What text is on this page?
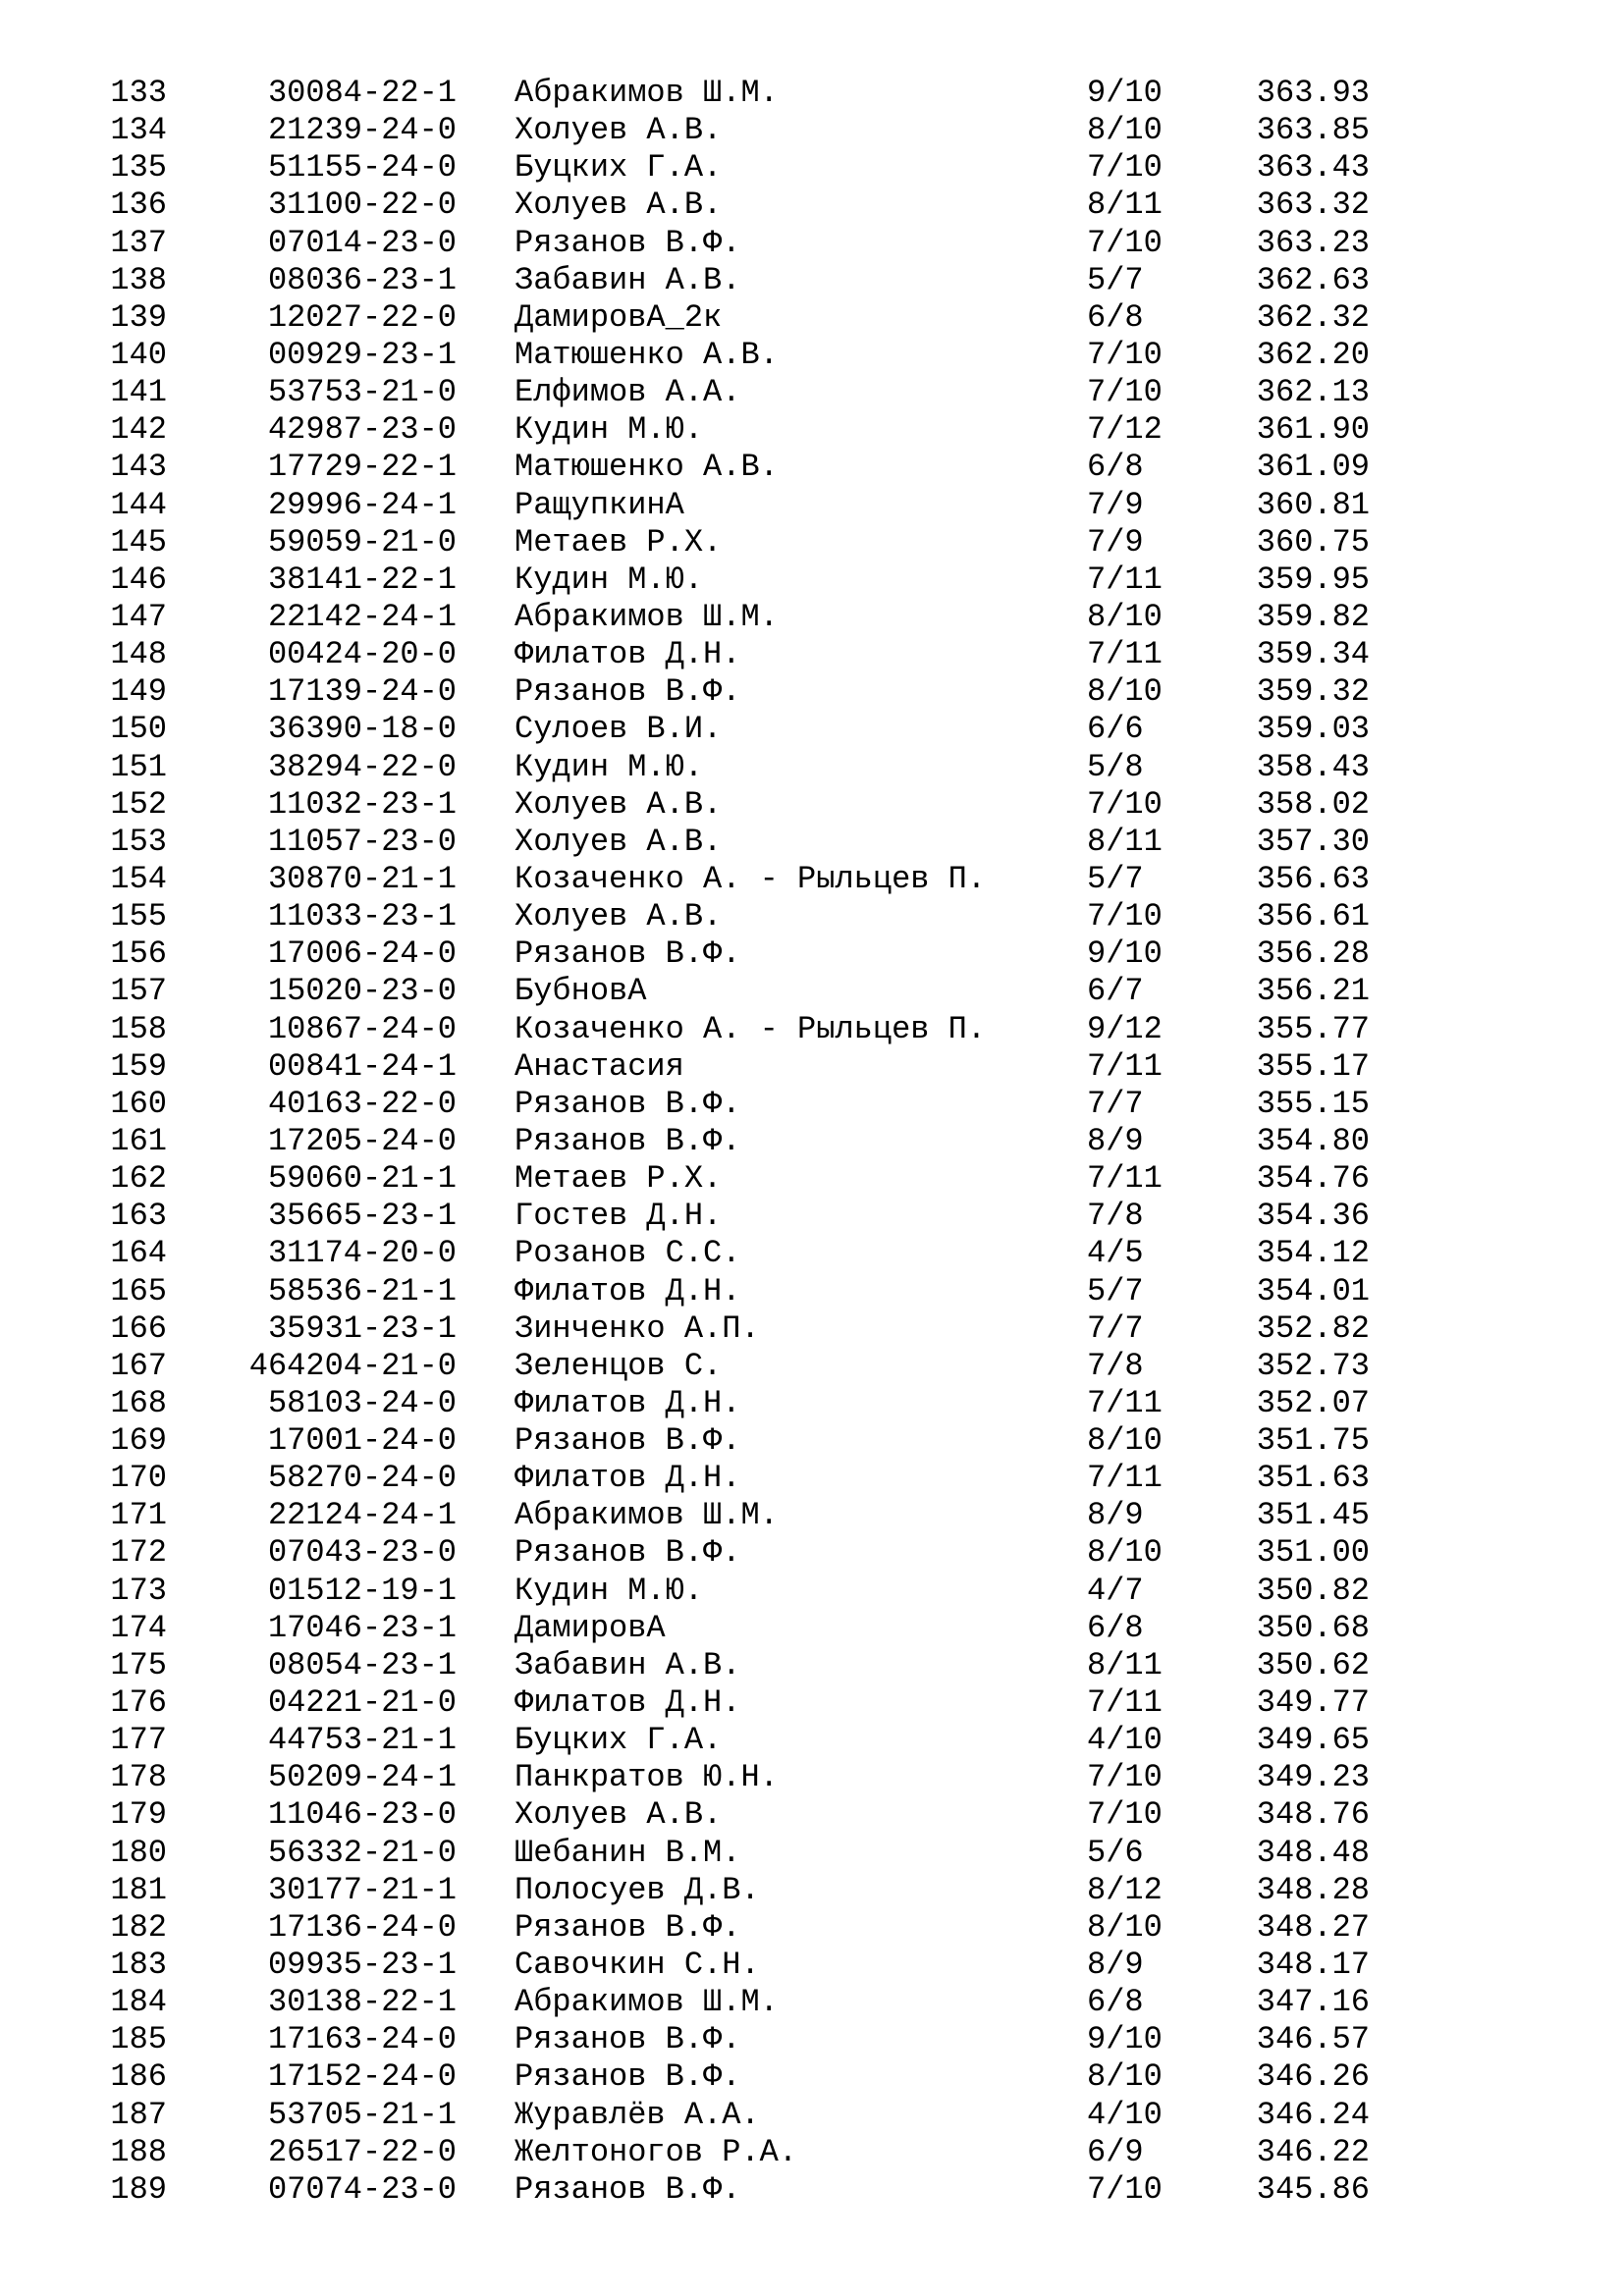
133	30084-22-1 Абракимов Ш.М.	9/10	363.93
134	21239-24-0 Холуев А.В.	8/10	363.85
135	51155-24-0 Буцких Г.А.	7/10	363.43
136	31100-22-0 Холуев А.В.	8/11	363.32
137	07014-23-0 Рязанов В.Ф.	7/10	363.23
138	08036-23-1 Забавин А.В.	5/7	362.63
139	12027-22-0 ДамировА_2к	6/8	362.32
140	00929-23-1 Матюшенко А.В.	7/10	362.20
141	53753-21-0 Елфимов А.А.	7/10	362.13
142	42987-23-0 Кудин М.Ю.	7/12	361.90
143	17729-22-1 Матюшенко А.В.	6/8	361.09
144	29996-24-1 РащупкинА	7/9	360.81
145	59059-21-0 Метаев Р.Х.	7/9	360.75
146	38141-22-1 Кудин М.Ю.	7/11	359.95
147	22142-24-1 Абракимов Ш.М.	8/10	359.82
148	00424-20-0 Филатов Д.Н.	7/11	359.34
149	17139-24-0 Рязанов В.Ф.	8/10	359.32
150	36390-18-0 Сулоев В.И.	6/6	359.03
151	38294-22-0 Кудин М.Ю.	5/8	358.43
152	11032-23-1 Холуев А.В.	7/10	358.02
153	11057-23-0 Холуев А.В.	8/11	357.30
154	30870-21-1 Козаченко А. - Рыльцев П.	5/7	356.63
155	11033-23-1 Холуев А.В.	7/10	356.61
156	17006-24-0 Рязанов В.Ф.	9/10	356.28
157	15020-23-0 БубновА	6/7	356.21
158	10867-24-0 Козаченко А. - Рыльцев П.	9/12	355.77
159	00841-24-1 Анастасия	7/11	355.17
160	40163-22-0 Рязанов В.Ф.	7/7	355.15
161	17205-24-0 Рязанов В.Ф.	8/9	354.80
162	59060-21-1 Метаев Р.Х.	7/11	354.76
163	35665-23-1 Гостев Д.Н.	7/8	354.36
164	31174-20-0 Розанов С.С.	4/5	354.12
165	58536-21-1 Филатов Д.Н.	5/7	354.01
166	35931-23-1 Зинченко А.П.	7/7	352.82
167	464204-21-0 Зеленцов С.	7/8	352.73
168	58103-24-0 Филатов Д.Н.	7/11	352.07
169	17001-24-0 Рязанов В.Ф.	8/10	351.75
170	58270-24-0 Филатов Д.Н.	7/11	351.63
171	22124-24-1 Абракимов Ш.М.	8/9	351.45
172	07043-23-0 Рязанов В.Ф.	8/10	351.00
173	01512-19-1 Кудин М.Ю.	4/7	350.82
174	17046-23-1 ДамировА	6/8	350.68
175	08054-23-1 Забавин А.В.	8/11	350.62
176	04221-21-0 Филатов Д.Н.	7/11	349.77
177	44753-21-1 Буцких Г.А.	4/10	349.65
178	50209-24-1 Панкратов Ю.Н.	7/10	349.23
179	11046-23-0 Холуев А.В.	7/10	348.76
180	56332-21-0 Шебанин В.М.	5/6	348.48
181	30177-21-1 Полосуев Д.В.	8/12	348.28
182	17136-24-0 Рязанов В.Ф.	8/10	348.27
183	09935-23-1 Савочкин С.Н.	8/9	348.17
184	30138-22-1 Абракимов Ш.М.	6/8	347.16
185	17163-24-0 Рязанов В.Ф.	9/10	346.57
186	17152-24-0 Рязанов В.Ф.	8/10	346.26
187	53705-21-1 Журавлёв А.А.	4/10	346.24
188	26517-22-0 Желтоногов Р.А.	6/9	346.22
189	07074-23-0 Рязанов В.Ф.	7/10	345.86
